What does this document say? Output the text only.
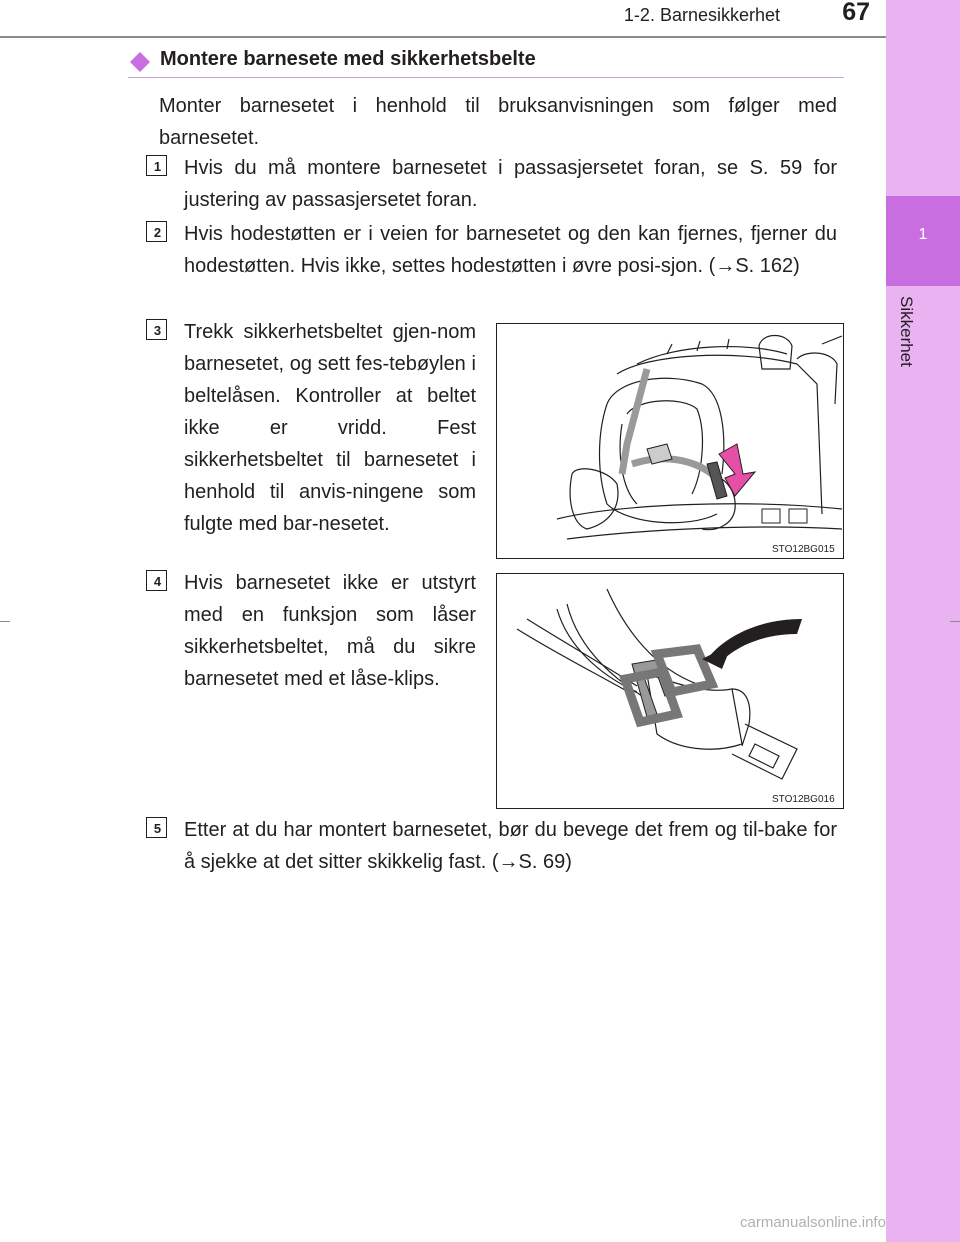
1
Sikkerhet
1-2. Barnesikkerhet	67
Montere barnesete med sikkerhetsbelte

Monter barnesetet i henhold til bruksanvisningen som følger med barnesetet.

1 Hvis du må montere barnesetet i passasjersetet foran, se S. 59 for justering av passasjersetet foran.

2 Hvis hodestøtten er i veien for barnesetet og den kan fjernes, fjerner du hodestøtten. Hvis ikke, settes hodestøtten i øvre posi-sjon. (→S. 162)

3 Trekk sikkerhetsbeltet gjen-nom barnesetet, og sett fes-tebøylen i beltelåsen. Kontroller at beltet ikke er vridd. Fest sikkerhetsbeltet til barnesetet i henhold til anvis-ningene som fulgte med bar-nesetet.

STO12BG015
4 Hvis barnesetet ikke er utstyrt med en funksjon som låser sikkerhetsbeltet, må du sikre barnesetet med et låse-klips.

STO12BG016
5 Etter at du har montert barnesetet, bør du bevege det frem og til-bake for å sjekke at det sitter skikkelig fast. (→S. 69)

carmanualsonline.info
